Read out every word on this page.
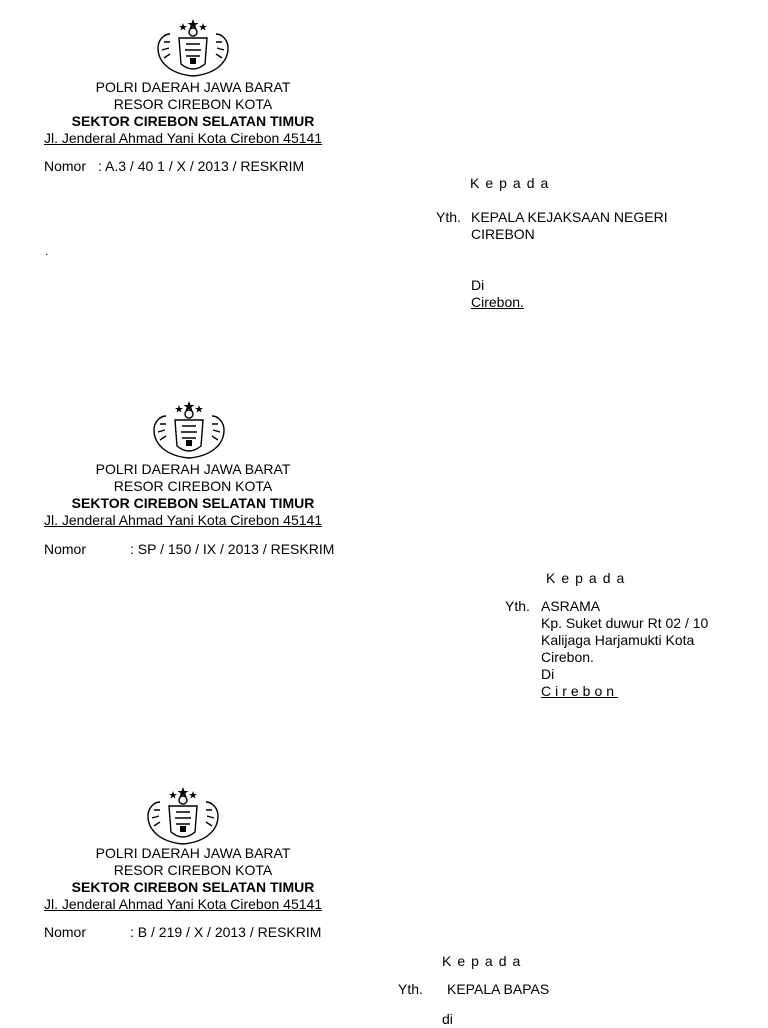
POLRI DAERAH JAWA BARAT
RESOR CIREBON KOTA
SEKTOR CIREBON SELATAN TIMUR
Jl. Jenderal Ahmad Yani Kota Cirebon 45141
Nomor : A.3 / 40 1 / X / 2013 / RESKRIM
Kepada
Yth. KEPALA KEJAKSAAN NEGERI
CIREBON
Di
Cirebon.
.
POLRI DAERAH JAWA BARAT
RESOR CIREBON KOTA
SEKTOR CIREBON SELATAN TIMUR
Jl. Jenderal Ahmad Yani Kota Cirebon 45141
Nomor	: SP / 150 / IX / 2013 / RESKRIM
Kepada
Yth. ASRAMA
Kp. Suket duwur Rt 02 / 10
Kalijaga Harjamukti Kota
Cirebon.
Di
Cirebon
POLRI DAERAH JAWA BARAT
RESOR CIREBON KOTA
SEKTOR CIREBON SELATAN TIMUR
Jl. Jenderal Ahmad Yani Kota Cirebon 45141
Nomor	: B / 219 / X / 2013 / RESKRIM
Kepada
Yth. KEPALA BAPAS
di
